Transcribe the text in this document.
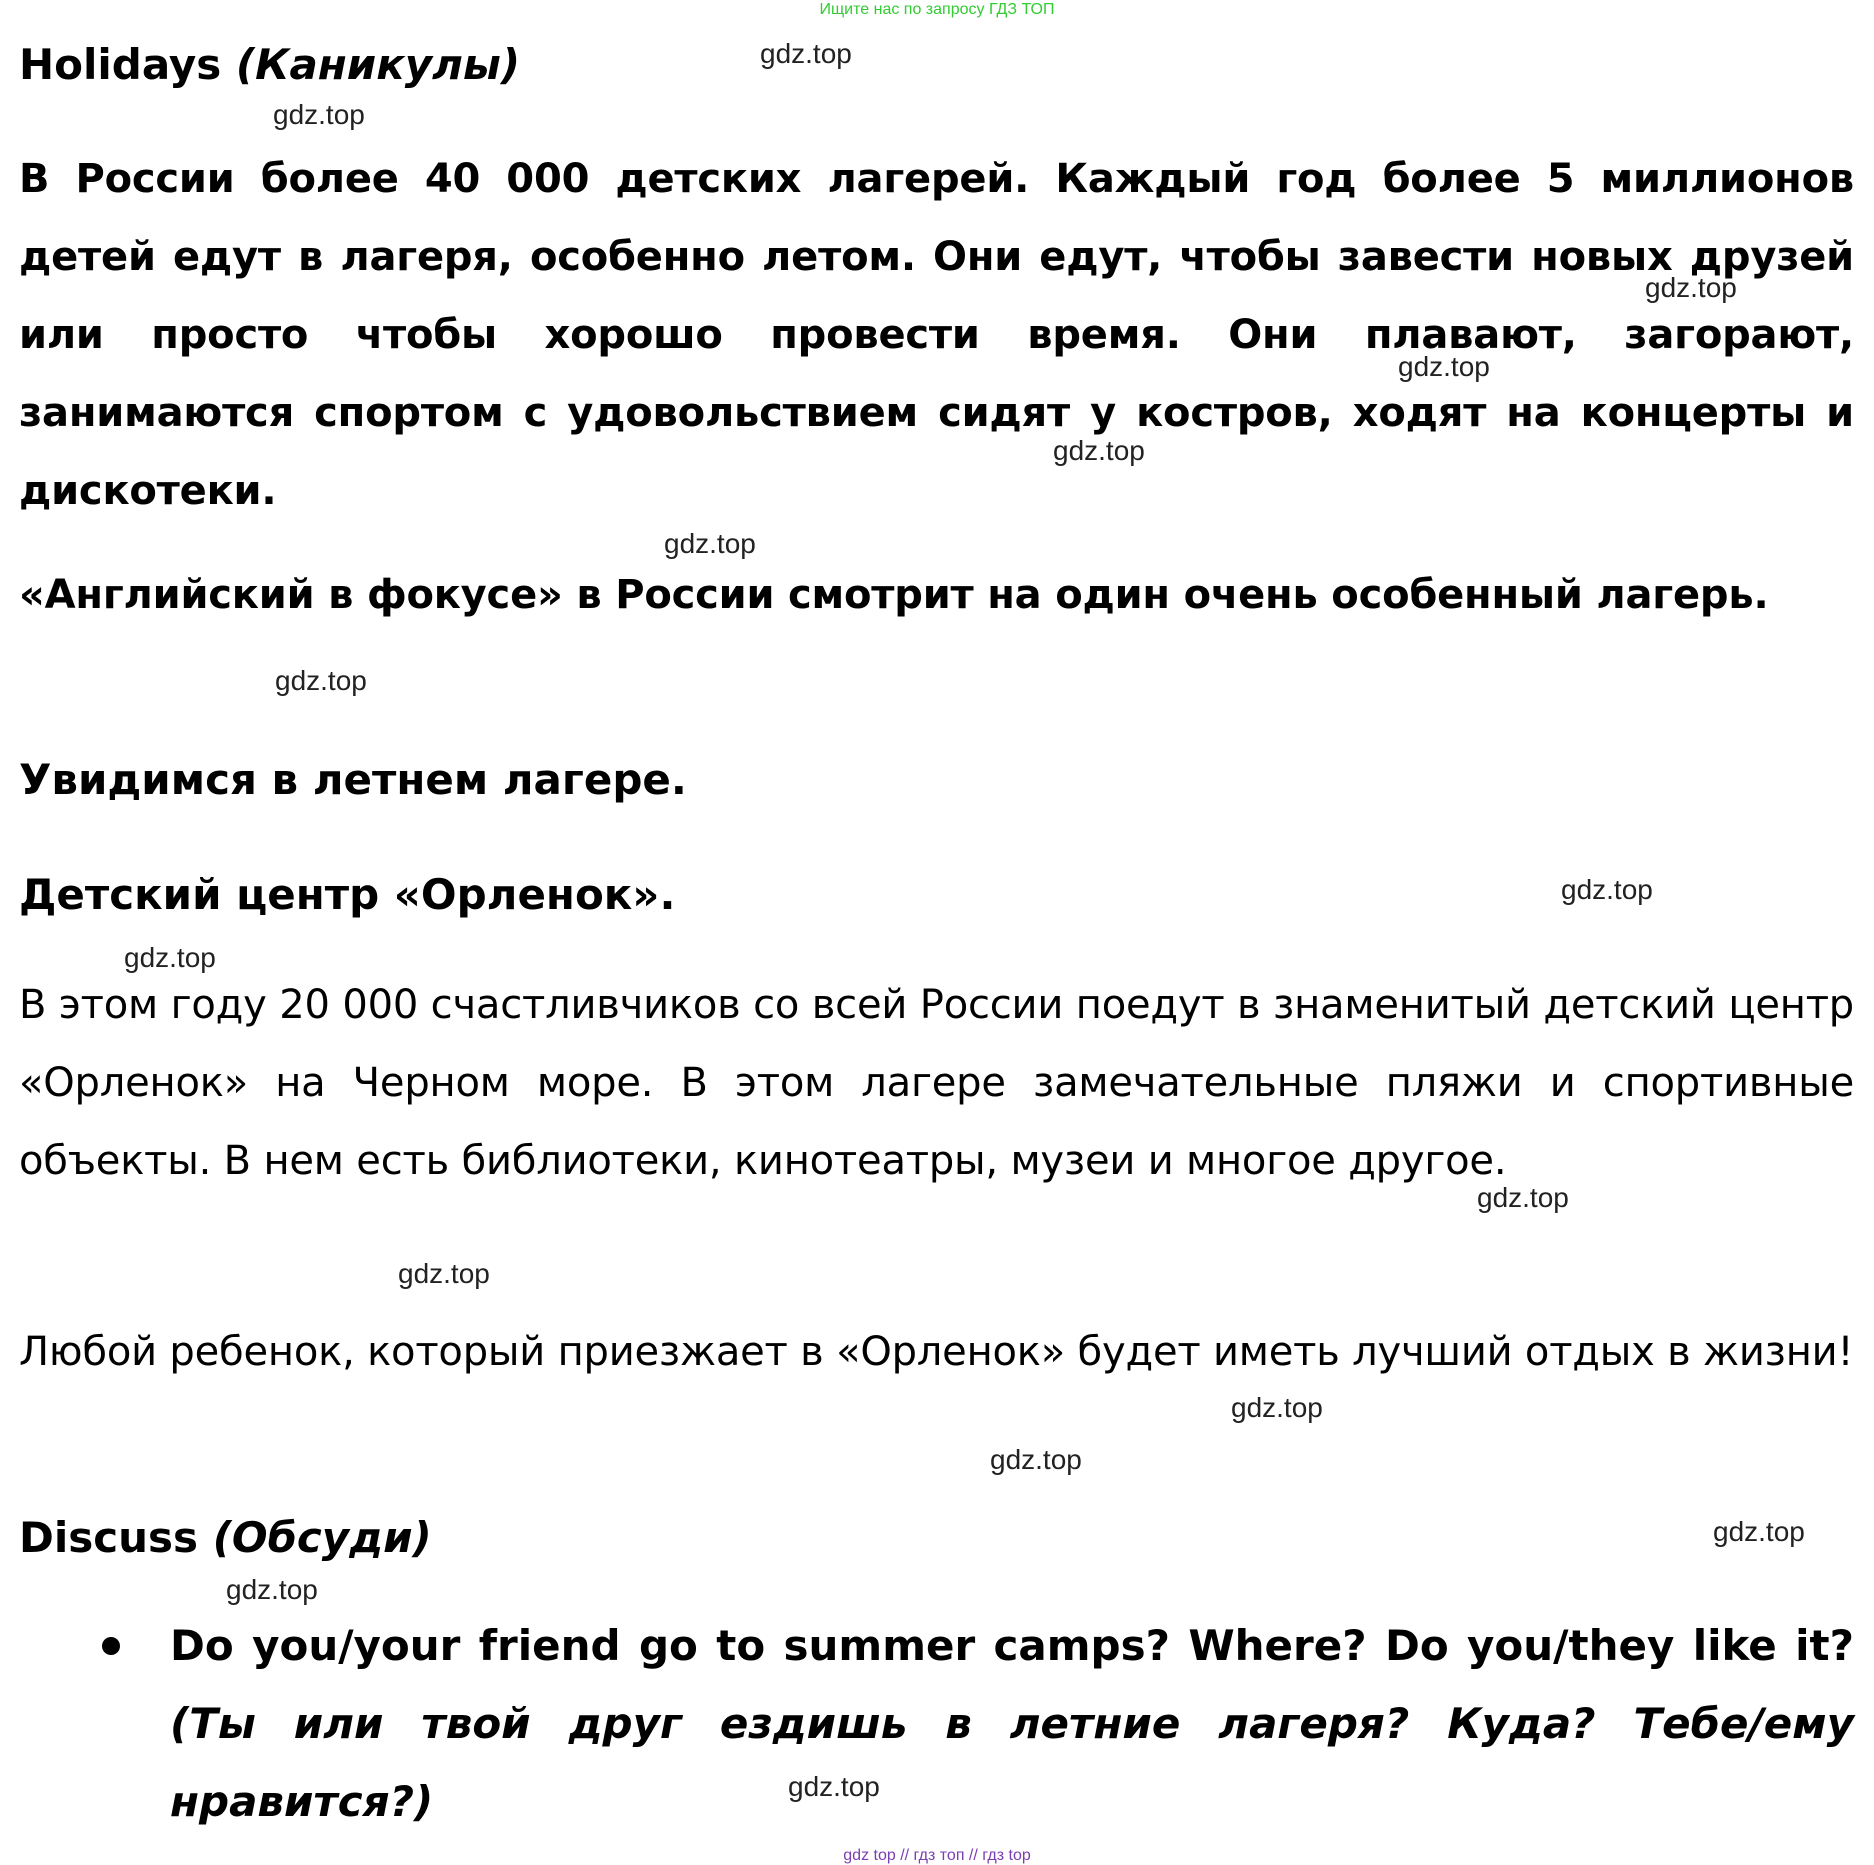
Ищите нас по запросу ГДЗ ТОП
Holidays (Каникулы)

В России более 40 000 детских лагерей. Каждый год более 5 миллионов детей едут в лагеря, особенно летом. Они едут, чтобы завести новых друзей или просто чтобы хорошо провести время. Они плавают, загорают, занимаются спортом с удовольствием сидят у костров, ходят на концерты и дискотеки.

«Английский в фокусе» в России смотрит на один очень особенный лагерь.

Увидимся в летнем лагере.
Детский центр «Орленок».

В этом году 20 000 счастливчиков со всей России поедут в знаменитый детский центр «Орленок» на Черном море. В этом лагере замечательные пляжи и спортивные объекты. В нем есть библиотеки, кинотеатры, музеи и многое другое.

Любой ребенок, который приезжает в «Орленок» будет иметь лучший отдых в жизни!

Discuss (Обсуди)

Do you/your friend go to summer camps? Where? Do you/they like it? (Ты или твой друг ездишь в летние лагеря? Куда? Тебе/ему нравится?)

gdz.top
gdz.top
gdz.top
gdz.top
gdz.top
gdz.top
gdz.top
gdz.top
gdz.top
gdz.top
gdz.top
gdz.top
gdz.top
gdz.top
gdz.top
gdz.top
gdz top // гдз топ // гдз top
